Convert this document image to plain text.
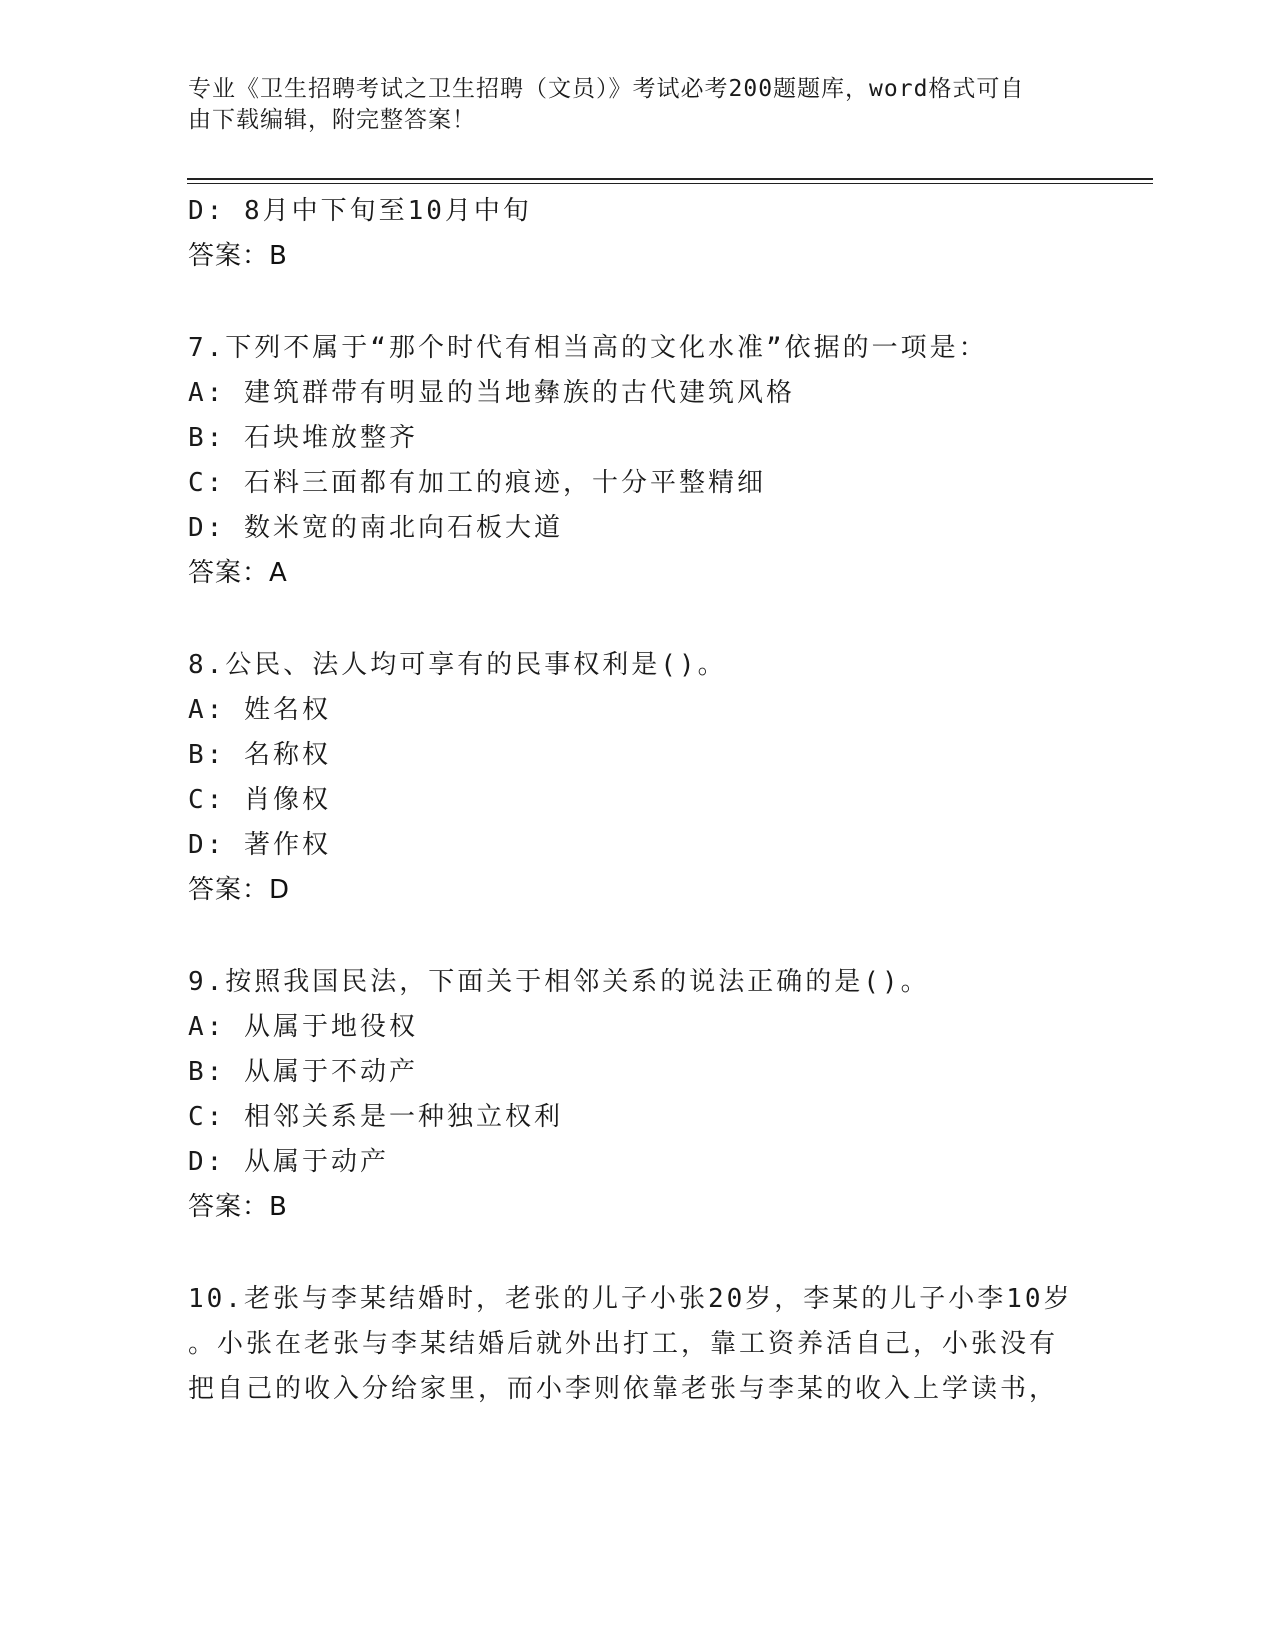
专业《卫生招聘考试之卫生招聘（文员）》考试必考200题题库，word格式可自
由下载编辑，附完整答案！
D: 8月中下旬至10月中旬
答案：B
7.下列不属于“那个时代有相当高的文化水准”依据的一项是：
A: 建筑群带有明显的当地彝族的古代建筑风格
B: 石块堆放整齐
C: 石料三面都有加工的痕迹，十分平整精细
D: 数米宽的南北向石板大道
答案：A
8.公民、法人均可享有的民事权利是()。
A: 姓名权
B: 名称权
C: 肖像权
D: 著作权
答案：D
9.按照我国民法，下面关于相邻关系的说法正确的是()。
A: 从属于地役权
B: 从属于不动产
C: 相邻关系是一种独立权利
D: 从属于动产
答案：B
10.老张与李某结婚时，老张的儿子小张20岁，李某的儿子小李10岁
。小张在老张与李某结婚后就外出打工，靠工资养活自己，小张没有
把自己的收入分给家里，而小李则依靠老张与李某的收入上学读书，
